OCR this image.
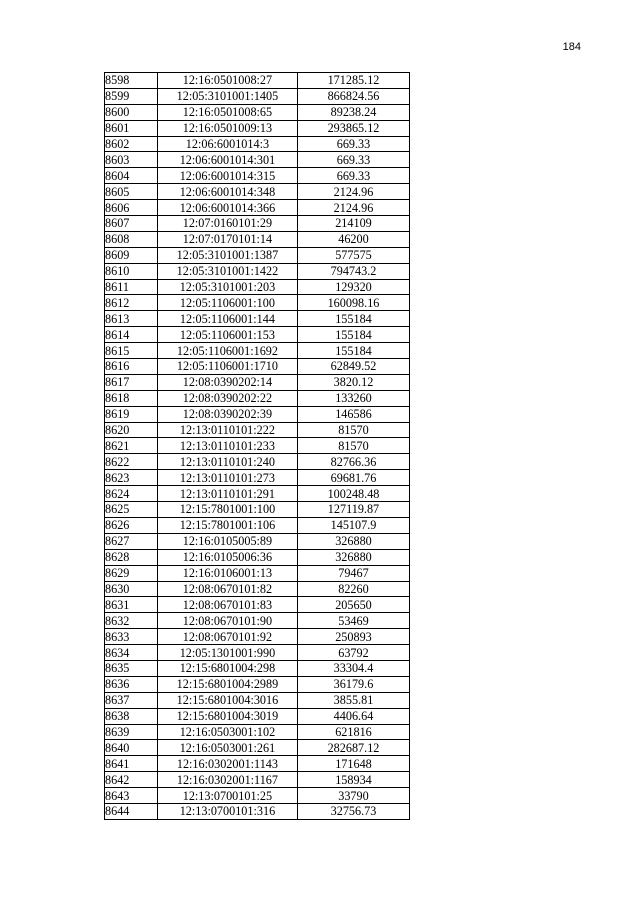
184
8598	12:16:0501008:27	171285.12
8599	12:05:3101001:1405	866824.56
8600	12:16:0501008:65	89238.24
8601	12:16:0501009:13	293865.12
8602	12:06:6001014:3	669.33
8603	12:06:6001014:301	669.33
8604	12:06:6001014:315	669.33
8605	12:06:6001014:348	2124.96
8606	12:06:6001014:366	2124.96
8607	12:07:0160101:29	214109
8608	12:07:0170101:14	46200
8609	12:05:3101001:1387	577575
8610	12:05:3101001:1422	794743.2
8611	12:05:3101001:203	129320
8612	12:05:1106001:100	160098.16
8613	12:05:1106001:144	155184
8614	12:05:1106001:153	155184
8615	12:05:1106001:1692	155184
8616	12:05:1106001:1710	62849.52
8617	12:08:0390202:14	3820.12
8618	12:08:0390202:22	133260
8619	12:08:0390202:39	146586
8620	12:13:0110101:222	81570
8621	12:13:0110101:233	81570
8622	12:13:0110101:240	82766.36
8623	12:13:0110101:273	69681.76
8624	12:13:0110101:291	100248.48
8625	12:15:7801001:100	127119.87
8626	12:15:7801001:106	145107.9
8627	12:16:0105005:89	326880
8628	12:16:0105006:36	326880
8629	12:16:0106001:13	79467
8630	12:08:0670101:82	82260
8631	12:08:0670101:83	205650
8632	12:08:0670101:90	53469
8633	12:08:0670101:92	250893
8634	12:05:1301001:990	63792
8635	12:15:6801004:298	33304.4
8636	12:15:6801004:2989	36179.6
8637	12:15:6801004:3016	3855.81
8638	12:15:6801004:3019	4406.64
8639	12:16:0503001:102	621816
8640	12:16:0503001:261	282687.12
8641	12:16:0302001:1143	171648
8642	12:16:0302001:1167	158934
8643	12:13:0700101:25	33790
8644	12:13:0700101:316	32756.73
